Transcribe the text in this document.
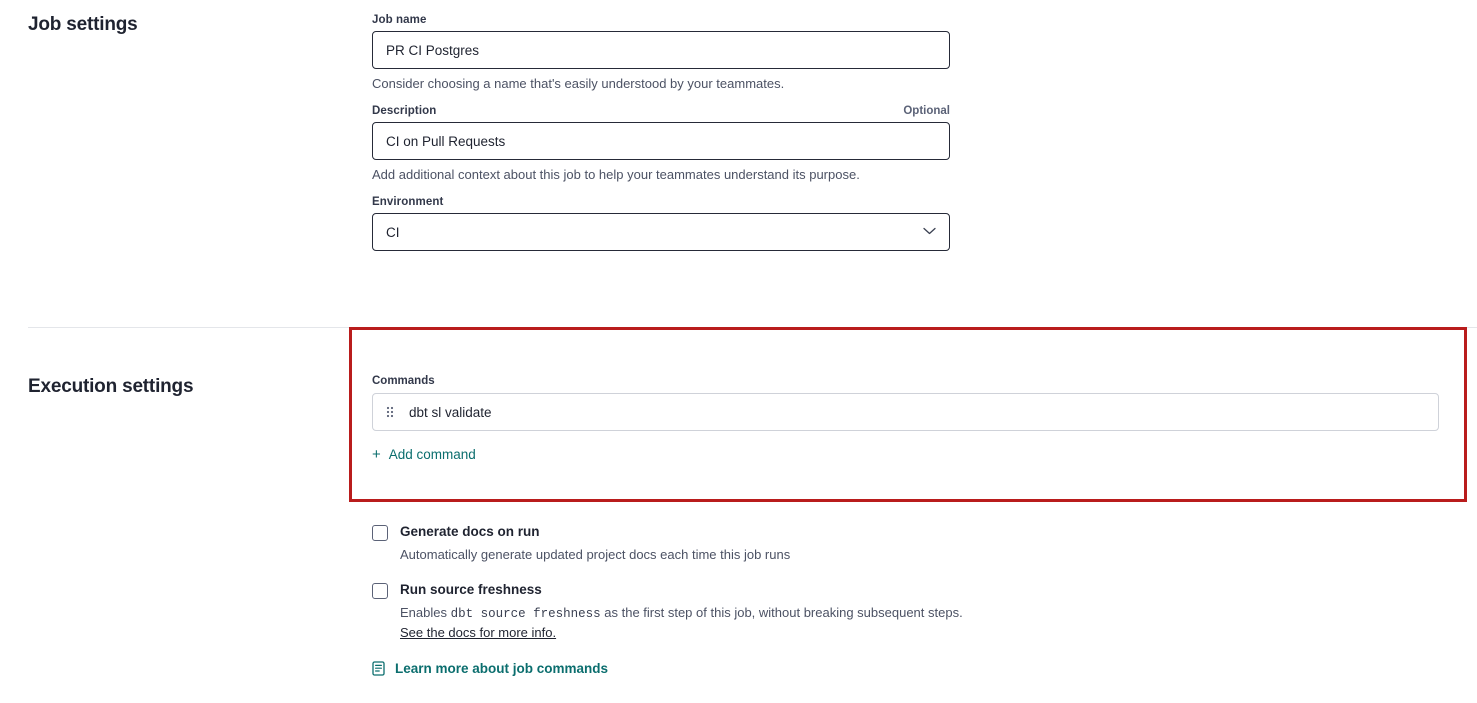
Job settings	Job name
PR CI Postgres
Consider choosing a name that's easily understood by your teammates.
Description	Optional
CI on Pull Requests
Add additional context about this job to help your teammates understand its purpose.
Environment
CI
Execution settings	Commands
dbt sl validate
+ Add command
Generate docs on run
Automatically generate updated project docs each time this job runs
Run source freshness
Enables dbt source freshness as the first step of this job, without breaking subsequent steps. See the docs for more info.
Learn more about job commands
